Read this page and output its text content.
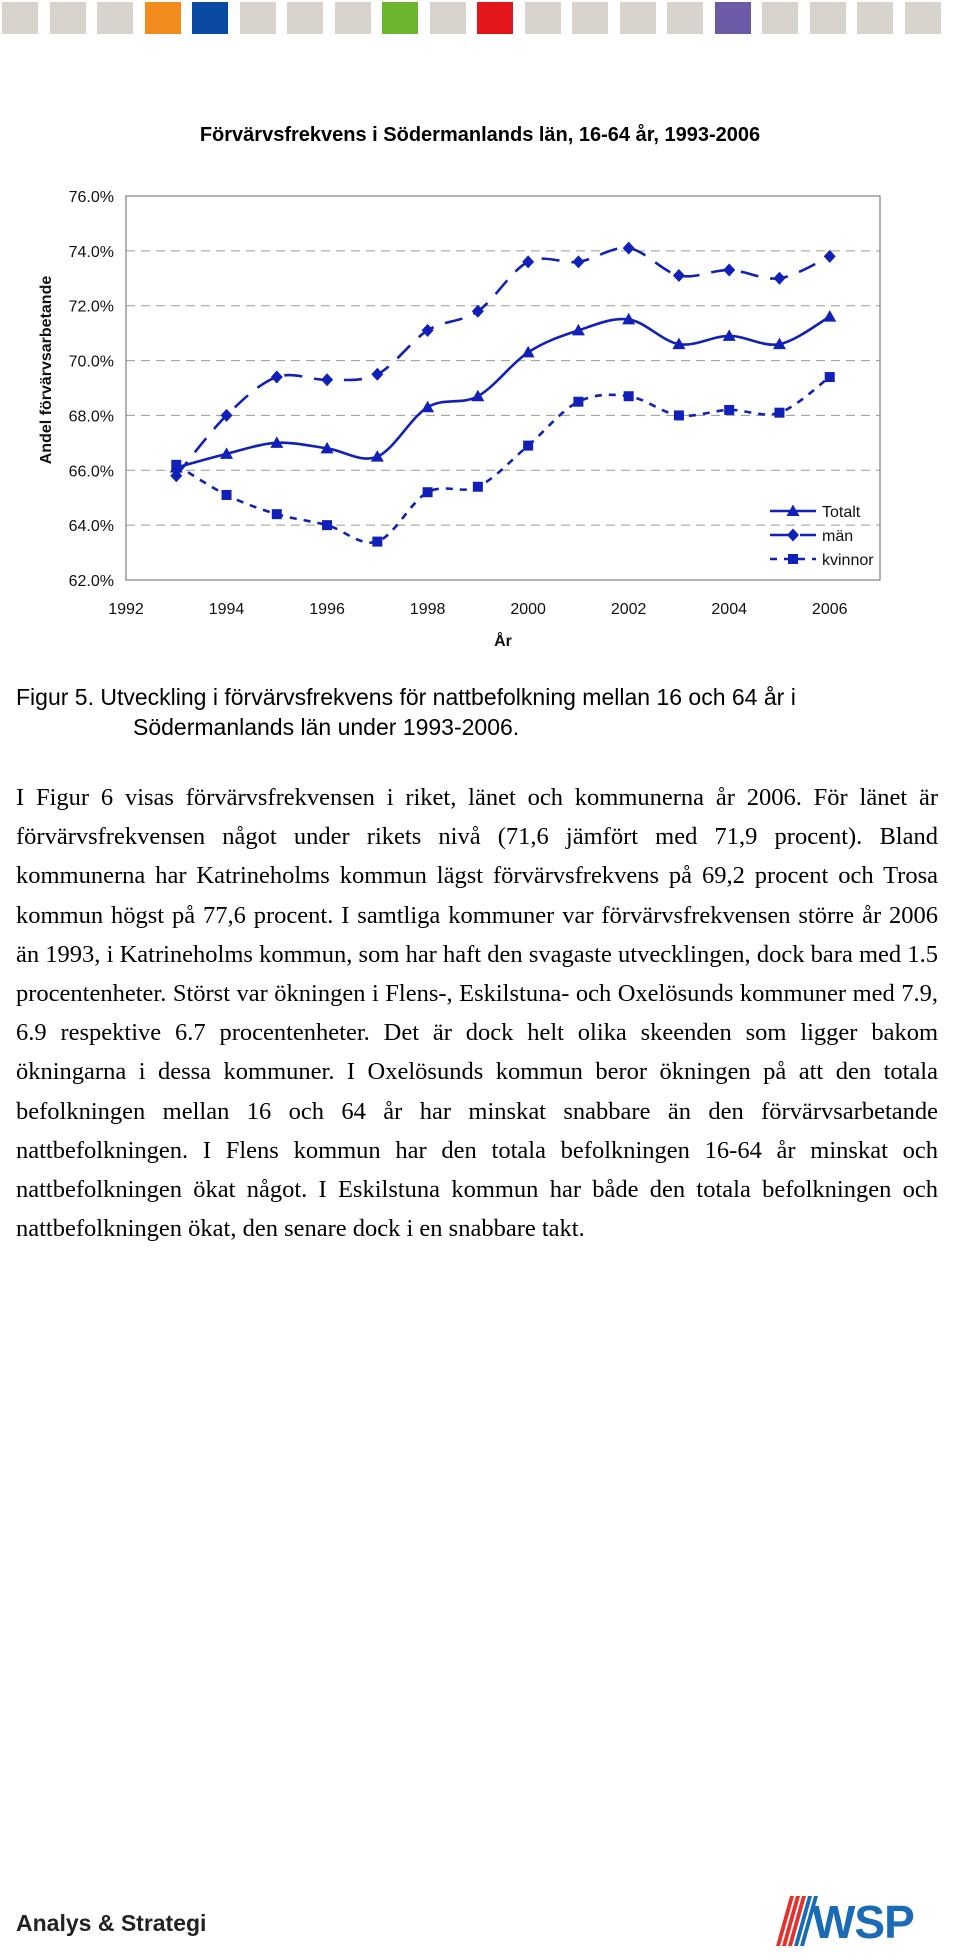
Förvärvsfrekvens i Södermanlands län, 16-64 år, 1993-2006
62.0%
64.0%
66.0%
68.0%
70.0%
72.0%
74.0%
76.0%
1992	1994	1996	1998	2000	2002	2004	2006
År
Andel förvärvsarbetande
Totalt
män
kvinnor

Figur 5. Utveckling i förvärvsfrekvens för nattbefolkning mellan 16 och 64 år i
Södermanlands län under 1993-2006.

I Figur 6 visas förvärvsfrekvensen i riket, länet och kommunerna år 2006. För länet är förvärvsfrekvensen något under rikets nivå (71,6 jämfört med 71,9 procent). Bland kommunerna har Katrineholms kommun lägst förvärvsfrekvens på 69,2 procent och Trosa kommun högst på 77,6 procent. I samtliga kommuner var förvärvsfrekvensen större år 2006 än 1993, i Katrineholms kommun, som har haft den svagaste utvecklingen, dock bara med 1.5 procentenheter. Störst var ökningen i Flens-, Eskilstuna- och Oxelösunds kommuner med 7.9, 6.9 respektive 6.7 procentenheter. Det är dock helt olika skeenden som ligger bakom ökningarna i dessa kommuner. I Oxelösunds kommun beror ökningen på att den totala befolkningen mellan 16 och 64 år har minskat snabbare än den förvärvsarbetande nattbefolkningen. I Flens kommun har den totala befolkningen 16-64 år minskat och nattbefolkningen ökat något. I Eskilstuna kommun har både den totala befolkningen och nattbefolkningen ökat, den senare dock i en snabbare takt.

Analys & Strategi	WSP
